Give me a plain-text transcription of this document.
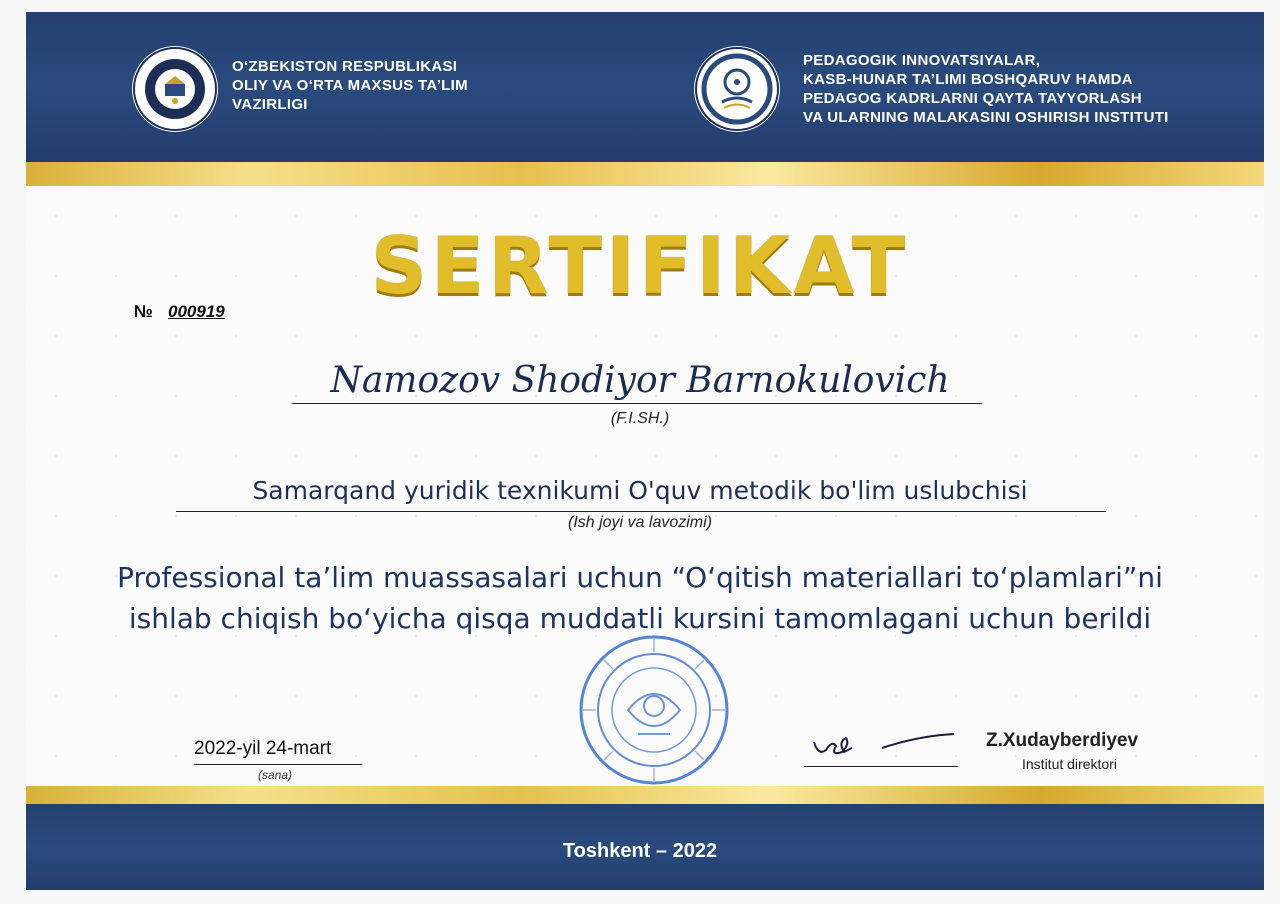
O‘ZBEKISTON RESPUBLIKASI
OLIY VA O‘RTA MAXSUS TA’LIM
VAZIRLIGI
PEDAGOGIK INNOVATSIYALAR,
KASB-HUNAR TA’LIMI BOSHQARUV HAMDA
PEDAGOG KADRLARNI QAYTA TAYYORLASH
VA ULARNING MALAKASINI OSHIRISH INSTITUTI
SERTIFIKAT
№ 000919
Namozov Shodiyor Barnokulovich
(F.I.SH.)
Samarqand yuridik texnikumi O'quv metodik bo'lim uslubchisi
(Ish joyi va lavozimi)
Professional ta’lim muassasalari uchun “O‘qitish materiallari to‘plamlari”ni
ishlab chiqish bo‘yicha qisqa muddatli kursini tamomlagani uchun berildi
2022-yil 24-mart
(sana)
Z.Xudayberdiyev
Institut direktori
Toshkent – 2022
